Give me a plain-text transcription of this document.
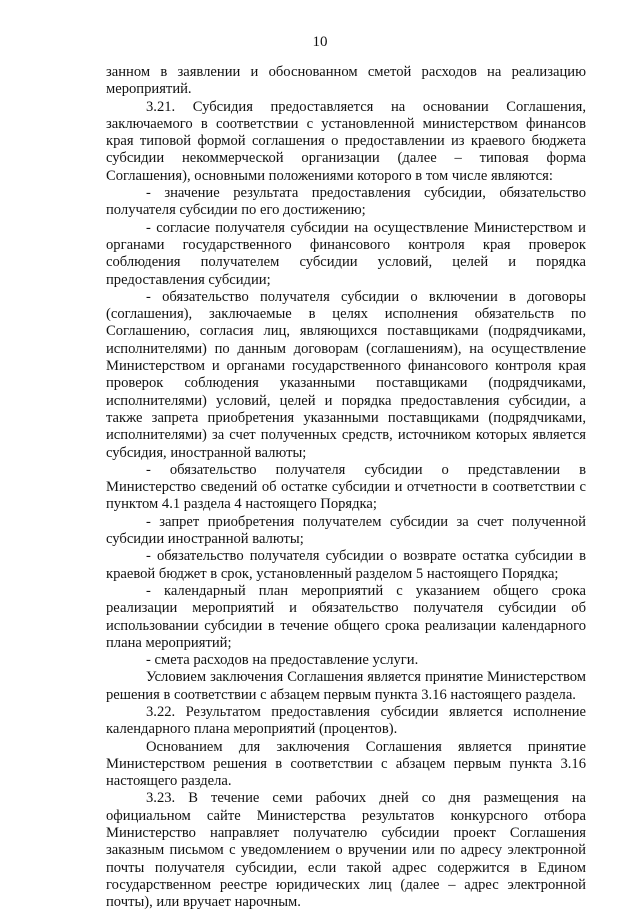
10

занном в заявлении и обоснованном сметой расходов на реализацию мероприятий.

3.21. Субсидия предоставляется на основании Соглашения, заключаемого в соответствии с установленной министерством финансов края типовой формой соглашения о предоставлении из краевого бюджета субсидии некоммерческой организации (далее – типовая форма Соглашения), основными положениями которого в том числе являются:

- значение результата предоставления субсидии, обязательство получателя субсидии по его достижению;

- согласие получателя субсидии на осуществление Министерством и органами государственного финансового контроля края проверок соблюдения получателем субсидии условий, целей и порядка предоставления субсидии;

- обязательство получателя субсидии о включении в договоры (соглашения), заключаемые в целях исполнения обязательств по Соглашению, согласия лиц, являющихся поставщиками (подрядчиками, исполнителями) по данным договорам (соглашениям), на осуществление Министерством и органами государственного финансового контроля края проверок соблюдения указанными поставщиками (подрядчиками, исполнителями) условий, целей и порядка предоставления субсидии, а также запрета приобретения указанными поставщиками (подрядчиками, исполнителями) за счет полученных средств, источником которых является субсидия, иностранной валюты;

- обязательство получателя субсидии о представлении в Министерство сведений об остатке субсидии и отчетности в соответствии с пунктом 4.1 раздела 4 настоящего Порядка;

- запрет приобретения получателем субсидии за счет полученной субсидии иностранной валюты;

- обязательство получателя субсидии о возврате остатка субсидии в краевой бюджет в срок, установленный разделом 5 настоящего Порядка;

- календарный план мероприятий с указанием общего срока реализации мероприятий и обязательство получателя субсидии об использовании субсидии в течение общего срока реализации календарного плана мероприятий;

- смета расходов на предоставление услуги.

Условием заключения Соглашения является принятие Министерством решения в соответствии с абзацем первым пункта 3.16 настоящего раздела.

3.22. Результатом предоставления субсидии является исполнение календарного плана мероприятий (процентов).

Основанием для заключения Соглашения является принятие Министерством решения в соответствии с абзацем первым пункта 3.16 настоящего раздела.

3.23. В течение семи рабочих дней со дня размещения на официальном сайте Министерства результатов конкурсного отбора Министерство направляет получателю субсидии проект Соглашения заказным письмом с уведомлением о вручении или по адресу электронной почты получателя субсидии, если такой адрес содержится в Едином государственном реестре юридических лиц (далее – адрес электронной почты), или вручает нарочным.
